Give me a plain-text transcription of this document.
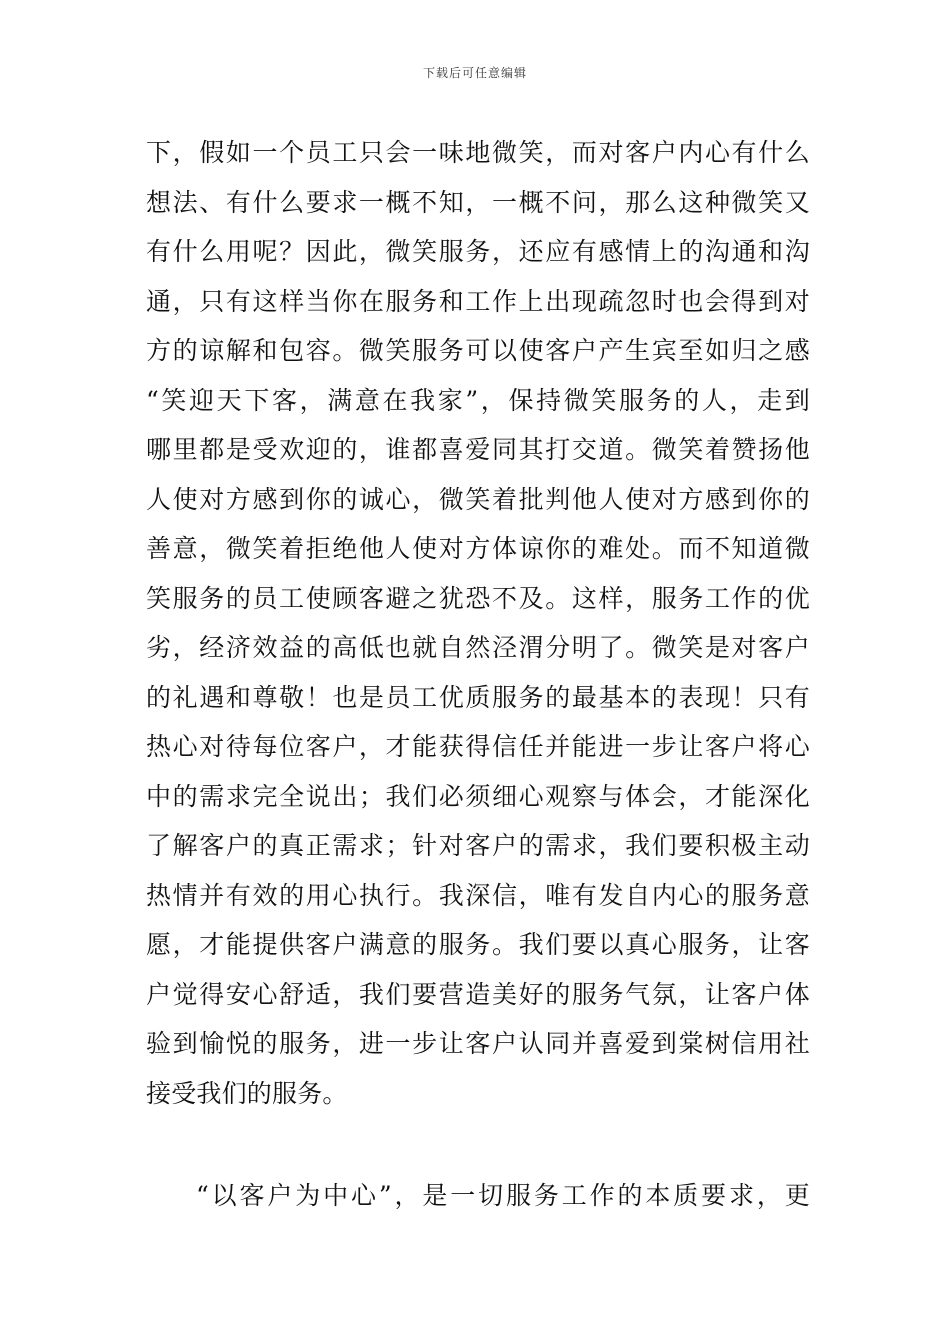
下载后可任意编辑
下，假如一个员工只会一味地微笑，而对客户内心有什么
想法、有什么要求一概不知，一概不问，那么这种微笑又
有什么用呢？因此，微笑服务，还应有感情上的沟通和沟
通，只有这样当你在服务和工作上出现疏忽时也会得到对
方的谅解和包容。微笑服务可以使客户产生宾至如归之感
“笑迎天下客，满意在我家”，保持微笑服务的人，走到
哪里都是受欢迎的，谁都喜爱同其打交道。微笑着赞扬他
人使对方感到你的诚心，微笑着批判他人使对方感到你的
善意，微笑着拒绝他人使对方体谅你的难处。而不知道微
笑服务的员工使顾客避之犹恐不及。这样，服务工作的优
劣，经济效益的高低也就自然泾渭分明了。微笑是对客户
的礼遇和尊敬！也是员工优质服务的最基本的表现！只有
热心对待每位客户，才能获得信任并能进一步让客户将心
中的需求完全说出；我们必须细心观察与体会，才能深化
了解客户的真正需求；针对客户的需求，我们要积极主动
热情并有效的用心执行。我深信，唯有发自内心的服务意
愿，才能提供客户满意的服务。我们要以真心服务，让客
户觉得安心舒适，我们要营造美好的服务气氛，让客户体
验到愉悦的服务，进一步让客户认同并喜爱到棠树信用社
接受我们的服务。
“以客户为中心”，是一切服务工作的本质要求，更
